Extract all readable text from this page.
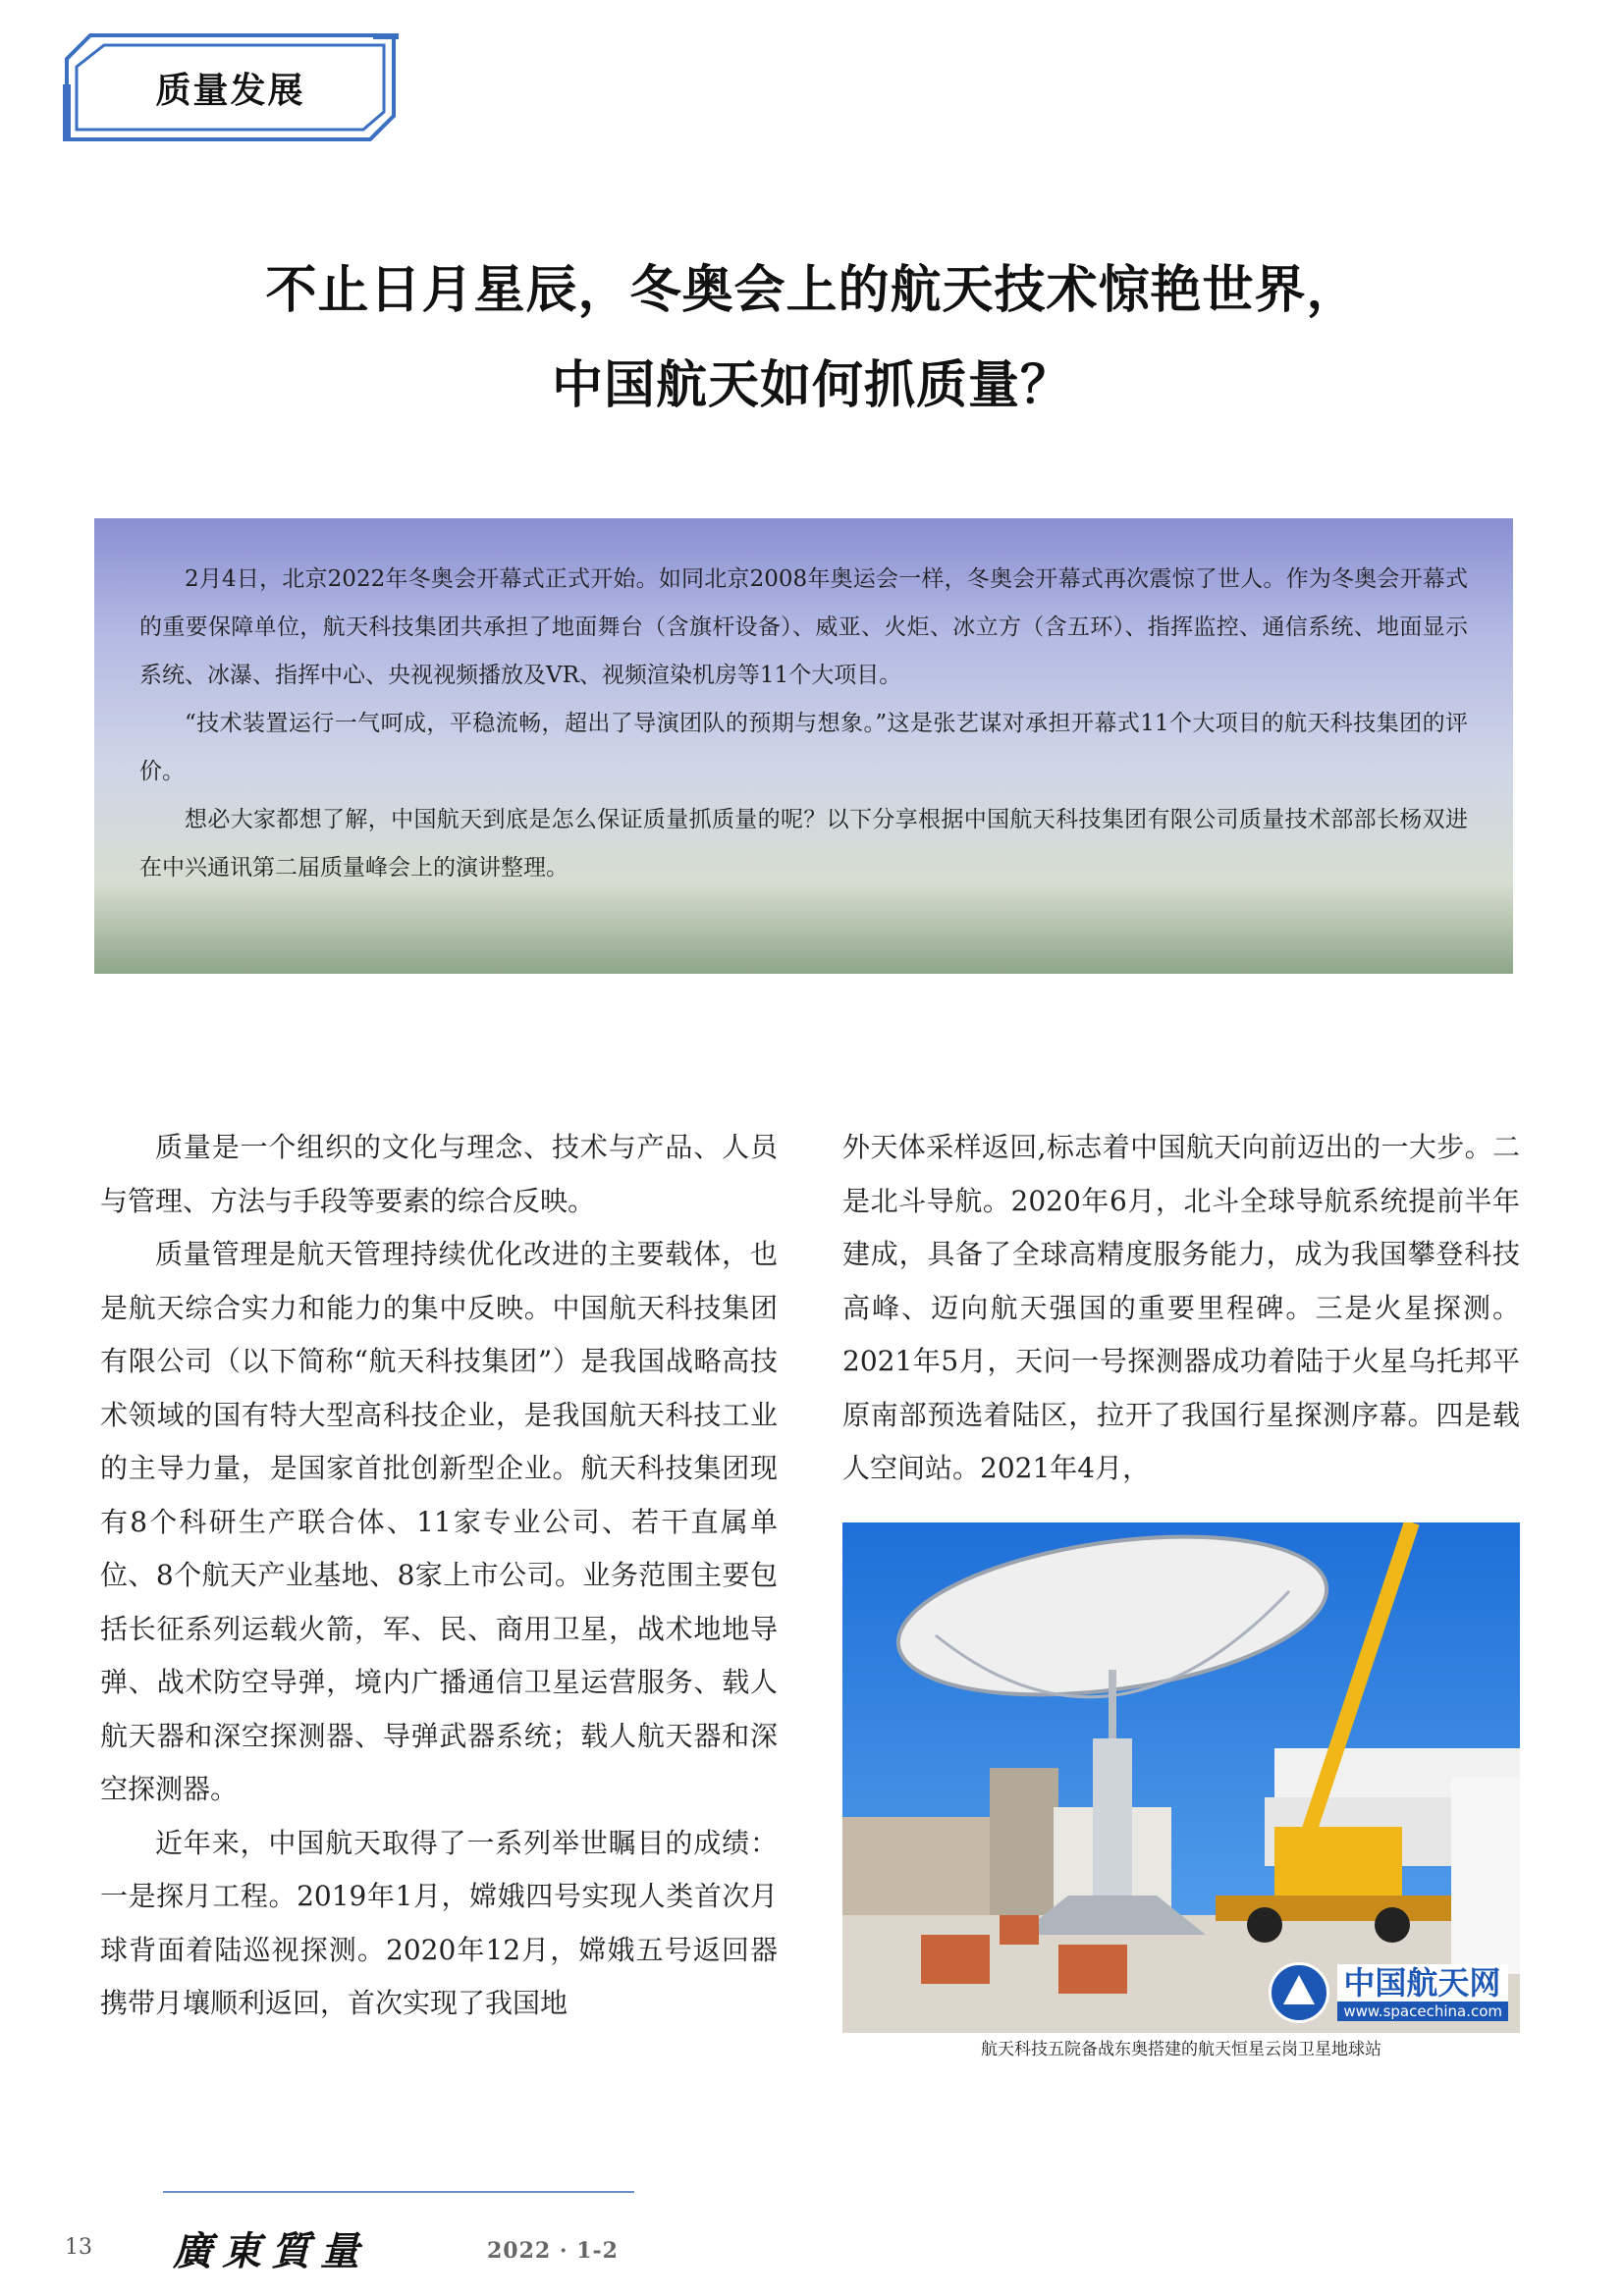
质量发展
不止日月星辰，冬奥会上的航天技术惊艳世界，
中国航天如何抓质量？

2月4日，北京2022年冬奥会开幕式正式开始。如同北京2008年奥运会一样，冬奥会开幕式再次震惊了世人。作为冬奥会开幕式的重要保障单位，航天科技集团共承担了地面舞台（含旗杆设备）、威亚、火炬、冰立方（含五环）、指挥监控、通信系统、地面显示系统、冰瀑、指挥中心、央视视频播放及VR、视频渲染机房等11个大项目。

“技术装置运行一气呵成，平稳流畅，超出了导演团队的预期与想象。”这是张艺谋对承担开幕式11个大项目的航天科技集团的评价。

想必大家都想了解，中国航天到底是怎么保证质量抓质量的呢？以下分享根据中国航天科技集团有限公司质量技术部部长杨双进在中兴通讯第二届质量峰会上的演讲整理。

质量是一个组织的文化与理念、技术与产品、人员与管理、方法与手段等要素的综合反映。

质量管理是航天管理持续优化改进的主要载体，也是航天综合实力和能力的集中反映。中国航天科技集团有限公司（以下简称“航天科技集团”）是我国战略高技术领域的国有特大型高科技企业，是我国航天科技工业的主导力量，是国家首批创新型企业。航天科技集团现有8个科研生产联合体、11家专业公司、若干直属单位、8个航天产业基地、8家上市公司。业务范围主要包括长征系列运载火箭，军、民、商用卫星，战术地地导弹、战术防空导弹，境内广播通信卫星运营服务、载人航天器和深空探测器、导弹武器系统；载人航天器和深空探测器。

近年来，中国航天取得了一系列举世瞩目的成绩：一是探月工程。2019年1月，嫦娥四号实现人类首次月球背面着陆巡视探测。2020年12月，嫦娥五号返回器携带月壤顺利返回，首次实现了我国地

外天体采样返回,标志着中国航天向前迈出的一大步。二是北斗导航。2020年6月，北斗全球导航系统提前半年建成，具备了全球高精度服务能力，成为我国攀登科技高峰、迈向航天强国的重要里程碑。三是火星探测。2021年5月，天问一号探测器成功着陆于火星乌托邦平原南部预选着陆区，拉开了我国行星探测序幕。四是载人空间站。2021年4月，

中国航天网
www.spacechina.com
航天科技五院备战东奥搭建的航天恒星云岗卫星地球站
13 廣東質量	2022 · 1-2
